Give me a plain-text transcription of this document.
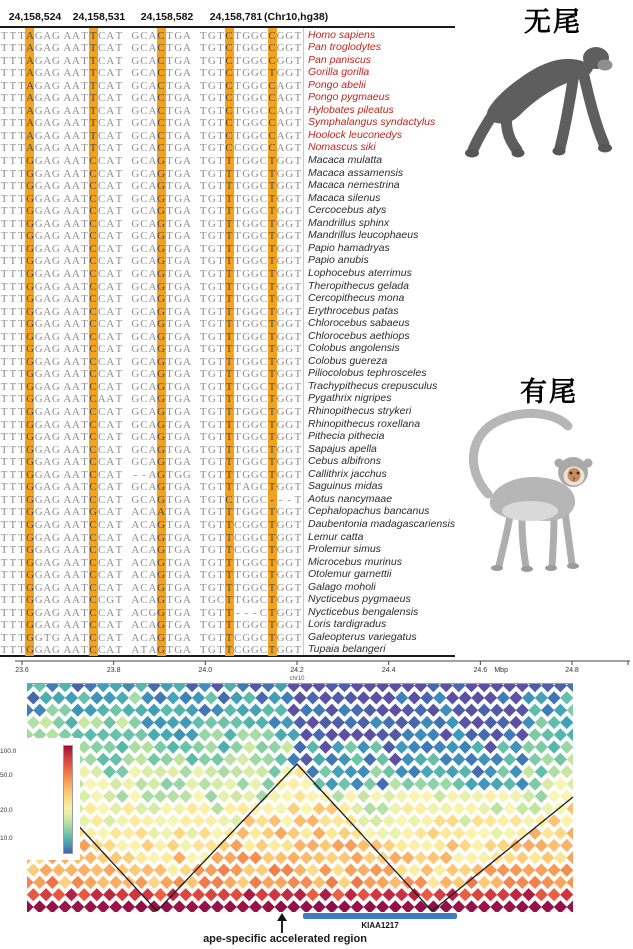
24,158,524 24,158,531 24,158,582 24,158,781 (Chr10,hg38)
T T TAGAG AAT T CAT GCAC TGA TGT C TGGCCGGT Homo sapiens
T T TAGAG AAT T CAT GCAC TGA TGT C TGGCCGGT Pan troglodytes
T T TAGAG AAT T CAT GCAC TGA TGT C TGGCCGGT Pan paniscus
T T TAGAG AAT T CAT GCAC TGA TGT C TGGC TGGT Gorilla gorilla
T T TAGAG AAT T CAT GCAC TGA TGT C TGGCCAGT Pongo abelii
T T TAGAG AAT T CAT GCAC TGA TGT C TGGCCAGT Pongo pygmaeus
T T TAGAG AAT T CAT GCAC TGA TGT C TGGCCAGT Hylobates pileatus
T T TAGAG AAT T CAT GCAC TGA TGT C TGGCCAGT Symphalangus syndactylus
T T TAGAG AAT T CAT GCAC TGA TGT C TGGCCAGT Hoolock leuconedys
T T TAGAG AAT T CAT GCAC TGA TGT CCGGCCAGT Nomascus siki
T T TGGAG AAT CCAT GCAGTGA TGT T TGGC TGGT Macaca mulatta
T T TGGAG AAT CCAT GCAGTGA TGT T TGGC TGGT Macaca assamensis
T T TGGAG AAT CCAT GCAGTGA TGT T TGGC TGGT Macaca nemestrina
T T TGGAG AAT CCAT GCAGTGA TGT T TGGC TGGT Macaca silenus
T T TGGAG AAT CCAT GCAGTGA TGT T TGGC TGGT Cercocebus atys
T T TGGAG AAT CCAT GCAGTGA TGT T TGGC TGGT Mandrillus sphinx
T T TGGAG AAT CCAT GCAGTGA TGT T TGGC TGGT Mandrillus leucophaeus
T T TGGAG AAT CCAT GCAGTGA TGT T TGGC TGGT Papio hamadryas
T T TGGAG AAT CCAT GCAGTGA TGT T TGGC TGGT Papio anubis
T T TGGAG AAT CCAT GCAGTGA TGT T TGGC TGGT Lophocebus aterrimus
T T TGGAG AAT CCAT GCAGTGA TGT T TGGC TGGT Theropithecus gelada
T T TGGAG AAT CCAT GCAGTGA TGT T TGGC TGGT Cercopithecus mona
T T TGGAG AAT CCAT GCAGTGA TGT T TGGC TGGT Erythrocebus patas
T T TGGAG AAT CCAT GCAGTGA TGT T TGGC TGGT Chlorocebus sabaeus
T T TGGAG AAT CCAT GCAGTGA TGT T TGGC TGGT Chlorocebus aethiops
T T TGGAG AAT CCAT GCAGTGA TGT T TGGC TGGT Colobus angolensis
T T TGGAG AAT CCAT GCAGTGA TGT T TGGC TGGT Colobus guereza
T T TGGAG AAT CCAT GCAGTGA TGT T TGGC TGGT Piliocolobus tephrosceles
T T TGGAG AAT CCAT GCAGTGA TGT T TGGC TGGT Trachypithecus crepusculus
T T TGGAG AAT CAAT GCAGTGA TGT T TGGC TGGT Pygathrix nigripes
T T TGGAG AAT CCAT GCAGTGA TGT T TGGC TGGT Rhinopithecus strykeri
T T TGGAG AAT CCAT GCAGTGA TGT T TGGC TGGT Rhinopithecus roxellana
T T TGGAG AAT CCAT GCAGTGA TGT T TGGC TGGT Pithecia pithecia
T T TGGAG AAT CCAT GCAGTGA TGT T TGGC TGGT Sapajus apella
T T TGGAG AAT CCAT GCAGTGA TGT T TGGC TGGT Cebus albifrons
T T TGGAG AAT CCAT - - AGTGG TGT T TGGC TGGT Callithrix jacchus
T T TGGAG AAT CCAT GCAGTGA TGT T TAGC TGGT Saguinus midas
T T TGGAG AAT CCAT GCAGTGA TGT C TGGC - - - T Aotus nancymaae
T T TGGAG AATGCAT ACAATGA TGT T TGGC TGGT Cephalopachus bancanus
T T TGGAG AAT CCAT ACAGTGA TGT T CGGC TGGT Daubentonia madagascariensis
T T TGGAG AAT CCAT ACAGTGA TGT T CGGC TGGT Lemur catta
T T TGGAG AAT CCAT ACAGTGA TGT T CGGC TGGT Prolemur simus
T T TGGAG AAT CCAT ACAGTGA TGT T TGGC TGGT Microcebus murinus
T T TGGAG AAT CCAT ACAGTGA TGT T TGGC TGGT Otolemur garnettii
T T TGGAG AAT CCAT ACAGTGA TGT T TGGC TGGT Galago moholi
T T TGGAG AAT CCGT ACAGTGA TGC T TGGC TGGT Nycticebus pygmaeus
T T TGGAG AAT CCAT ACGGTGA TGT T - - - C TGGT Nycticebus bengalensis
T T TGGAG AAT CCAT ACAGTGA TGT T TGGC TGGT Loris tardigradus
T T TGGTG AAT CCAT ACAGTGA TGT T CGGC TGGT Galeopterus variegatus
T T TGGAG AAT CCAT ATAGTGA TGT T CGGC TGGT Tupaia belangeri
无尾
有尾
23.6	23.8	24.0	24.2	24.4	24.6	24.8
Mbp
chr10
100.0
50.0
20.0
10.0
KIAA1217
ape-specific accelerated region
